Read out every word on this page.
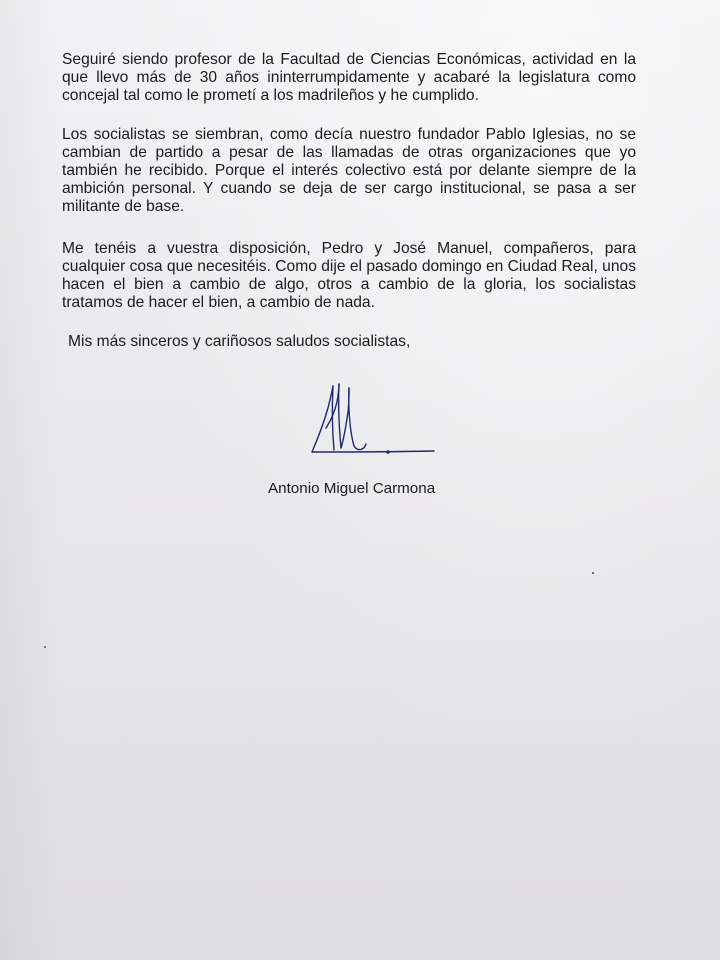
Seguiré siendo profesor de la Facultad de Ciencias Económicas, actividad en la que llevo más de 30 años ininterrumpidamente y acabaré la legislatura como concejal tal como le prometí a los madrileños y he cumplido.

Los socialistas se siembran, como decía nuestro fundador Pablo Iglesias, no se cambian de partido a pesar de las llamadas de otras organizaciones que yo también he recibido. Porque el interés colectivo está por delante siempre de la ambición personal. Y cuando se deja de ser cargo institucional, se pasa a ser militante de base.

Me tenéis a vuestra disposición, Pedro y José Manuel, compañeros, para cualquier cosa que necesitéis. Como dije el pasado domingo en Ciudad Real, unos hacen el bien a cambio de algo, otros a cambio de la gloria, los socialistas tratamos de hacer el bien, a cambio de nada.

Mis más sinceros y cariñosos saludos socialistas,
Antonio Miguel Carmona
